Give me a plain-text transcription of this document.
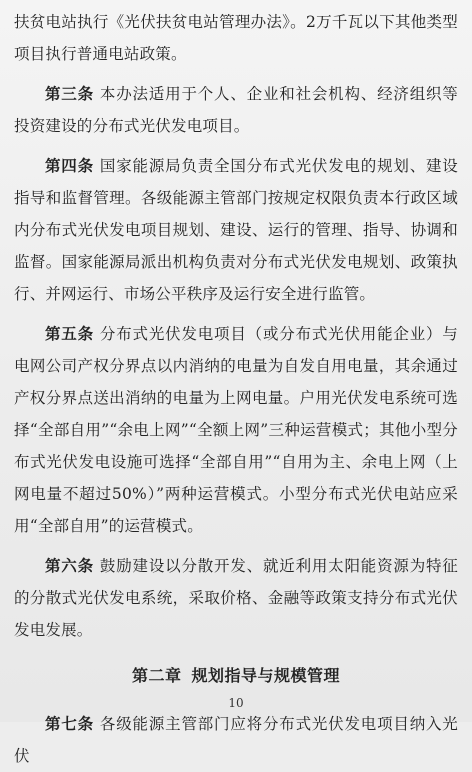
扶贫电站执行《光伏扶贫电站管理办法》。2万千瓦以下其他类型项目执行普通电站政策。

第三条 本办法适用于个人、企业和社会机构、经济组织等投资建设的分布式光伏发电项目。

第四条 国家能源局负责全国分布式光伏发电的规划、建设指导和监督管理。各级能源主管部门按规定权限负责本行政区域内分布式光伏发电项目规划、建设、运行的管理、指导、协调和监督。国家能源局派出机构负责对分布式光伏发电规划、政策执行、并网运行、市场公平秩序及运行安全进行监管。

第五条 分布式光伏发电项目（或分布式光伏用能企业）与电网公司产权分界点以内消纳的电量为自发自用电量，其余通过产权分界点送出消纳的电量为上网电量。户用光伏发电系统可选择“全部自用”“余电上网”“全额上网”三种运营模式；其他小型分布式光伏发电设施可选择“全部自用”“自用为主、余电上网（上网电量不超过50%）”两种运营模式。小型分布式光伏电站应采用“全部自用”的运营模式。

第六条 鼓励建设以分散开发、就近利用太阳能资源为特征的分散式光伏发电系统，采取价格、金融等政策支持分布式光伏发电发展。

第二章 规划指导与规模管理

第七条 各级能源主管部门应将分布式光伏发电项目纳入光伏

10
